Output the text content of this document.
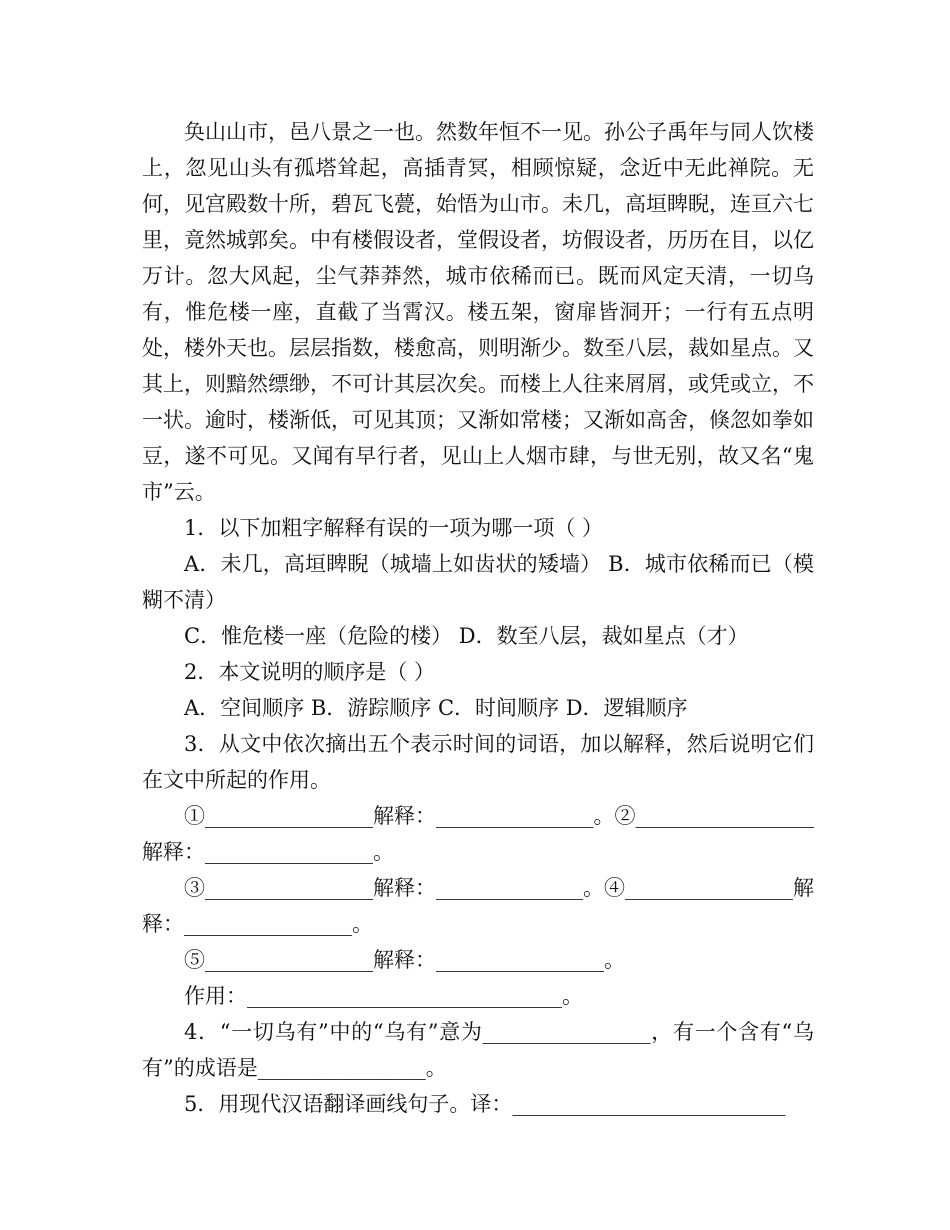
奂山山市，邑八景之一也。然数年恒不一见。孙公子禹年与同人饮楼上，忽见山头有孤塔耸起，高插青冥，相顾惊疑，念近中无此禅院。无何，见宫殿数十所，碧瓦飞甍，始悟为山市。未几，高垣睥睨，连亘六七里，竟然城郭矣。中有楼假设者，堂假设者，坊假设者，历历在目，以亿万计。忽大风起，尘气莽莽然，城市依稀而已。既而风定天清，一切乌有，惟危楼一座，直截了当霄汉。楼五架，窗扉皆洞开；一行有五点明处，楼外天也。层层指数，楼愈高，则明渐少。数至八层，裁如星点。又其上，则黯然缥缈，不可计其层次矣。而楼上人往来屑屑，或凭或立，不一状。逾时，楼渐低，可见其顶；又渐如常楼；又渐如高舍，倏忽如拳如豆，遂不可见。又闻有早行者，见山上人烟市肆，与世无别，故又名“鬼市”云。

1．以下加粗字解释有误的一项为哪一项（ ）

A．未几，高垣睥睨（城墙上如齿状的矮墙） B．城市依稀而已（模糊不清）

C．惟危楼一座（危险的楼） D．数至八层，裁如星点（才）

2．本文说明的顺序是（ ）

A．空间顺序 B．游踪顺序 C．时间顺序 D．逻辑顺序

3．从文中依次摘出五个表示时间的词语，加以解释，然后说明它们在文中所起的作用。

①________________解释：_______________。②_________________解释：________________。

③________________解释：______________。④________________解释：________________。

⑤________________解释：________________。

作用：______________________________。

4．“一切乌有”中的“乌有”意为________________，有一个含有“乌有”的成语是________________。

5．用现代汉语翻译画线句子。译：__________________________
